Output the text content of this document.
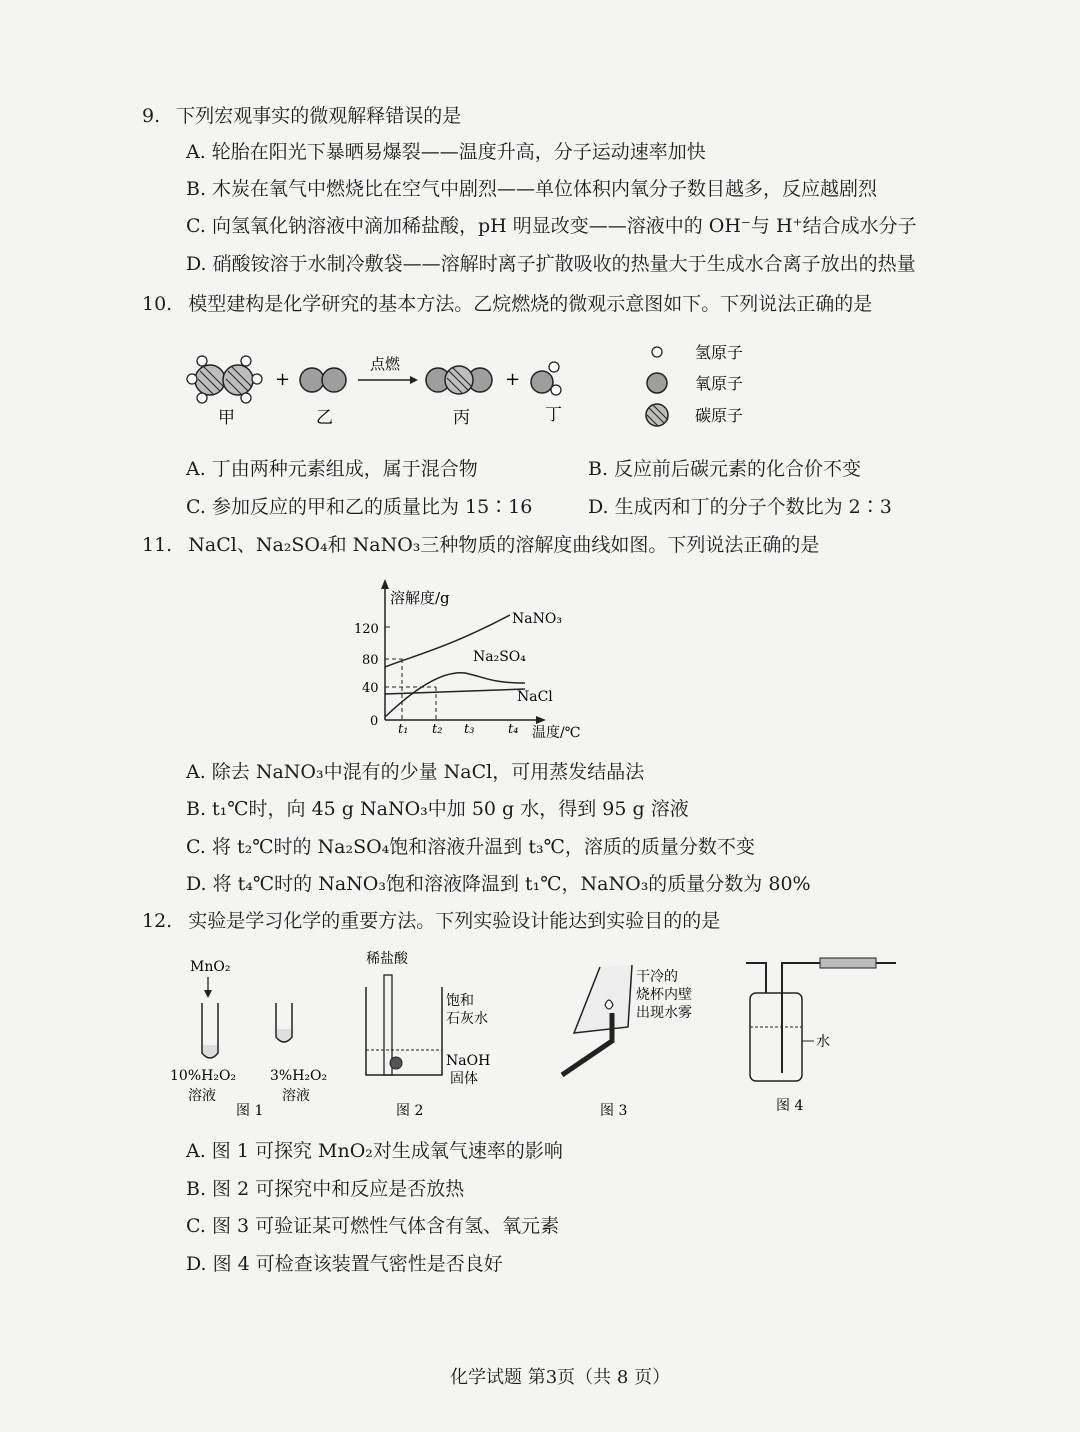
9. 下列宏观事实的微观解释错误的是
A. 轮胎在阳光下暴晒易爆裂——温度升高，分子运动速率加快
B. 木炭在氧气中燃烧比在空气中剧烈——单位体积内氧分子数目越多，反应越剧烈
C. 向氢氧化钠溶液中滴加稀盐酸，pH 明显改变——溶液中的 OH⁻与 H⁺结合成水分子
D. 硝酸铵溶于水制冷敷袋——溶解时离子扩散吸收的热量大于生成水合离子放出的热量
10. 模型建构是化学研究的基本方法。乙烷燃烧的微观示意图如下。下列说法正确的是
甲
+
乙
点燃
丙
+
丁
氢原子
氧原子
碳原子
A. 丁由两种元素组成，属于混合物	B. 反应前后碳元素的化合价不变
C. 参加反应的甲和乙的质量比为 15∶16	D. 生成丙和丁的分子个数比为 2∶3
11. NaCl、Na₂SO₄和 NaNO₃三种物质的溶解度曲线如图。下列说法正确的是
溶解度/g
温度/℃
120
80
40
0
t₁ t₂ t₃	t₄
NaNO₃
Na₂SO₄
NaCl
A. 除去 NaNO₃中混有的少量 NaCl，可用蒸发结晶法
B. t₁℃时，向 45 g NaNO₃中加 50 g 水，得到 95 g 溶液
C. 将 t₂℃时的 Na₂SO₄饱和溶液升温到 t₃℃，溶质的质量分数不变
D. 将 t₄℃时的 NaNO₃饱和溶液降温到 t₁℃，NaNO₃的质量分数为 80%
12. 实验是学习化学的重要方法。下列实验设计能达到实验目的的是
MnO₂
10%H₂O₂
溶液
3%H₂O₂
溶液
图 1
稀盐酸
饱和
石灰水
NaOH
固体
图 2
干冷的
烧杯内壁
出现水雾
图 3
水
图 4
A. 图 1 可探究 MnO₂对生成氧气速率的影响
B. 图 2 可探究中和反应是否放热
C. 图 3 可验证某可燃性气体含有氢、氧元素
D. 图 4 可检查该装置气密性是否良好
化学试题 第3页（共 8 页）
